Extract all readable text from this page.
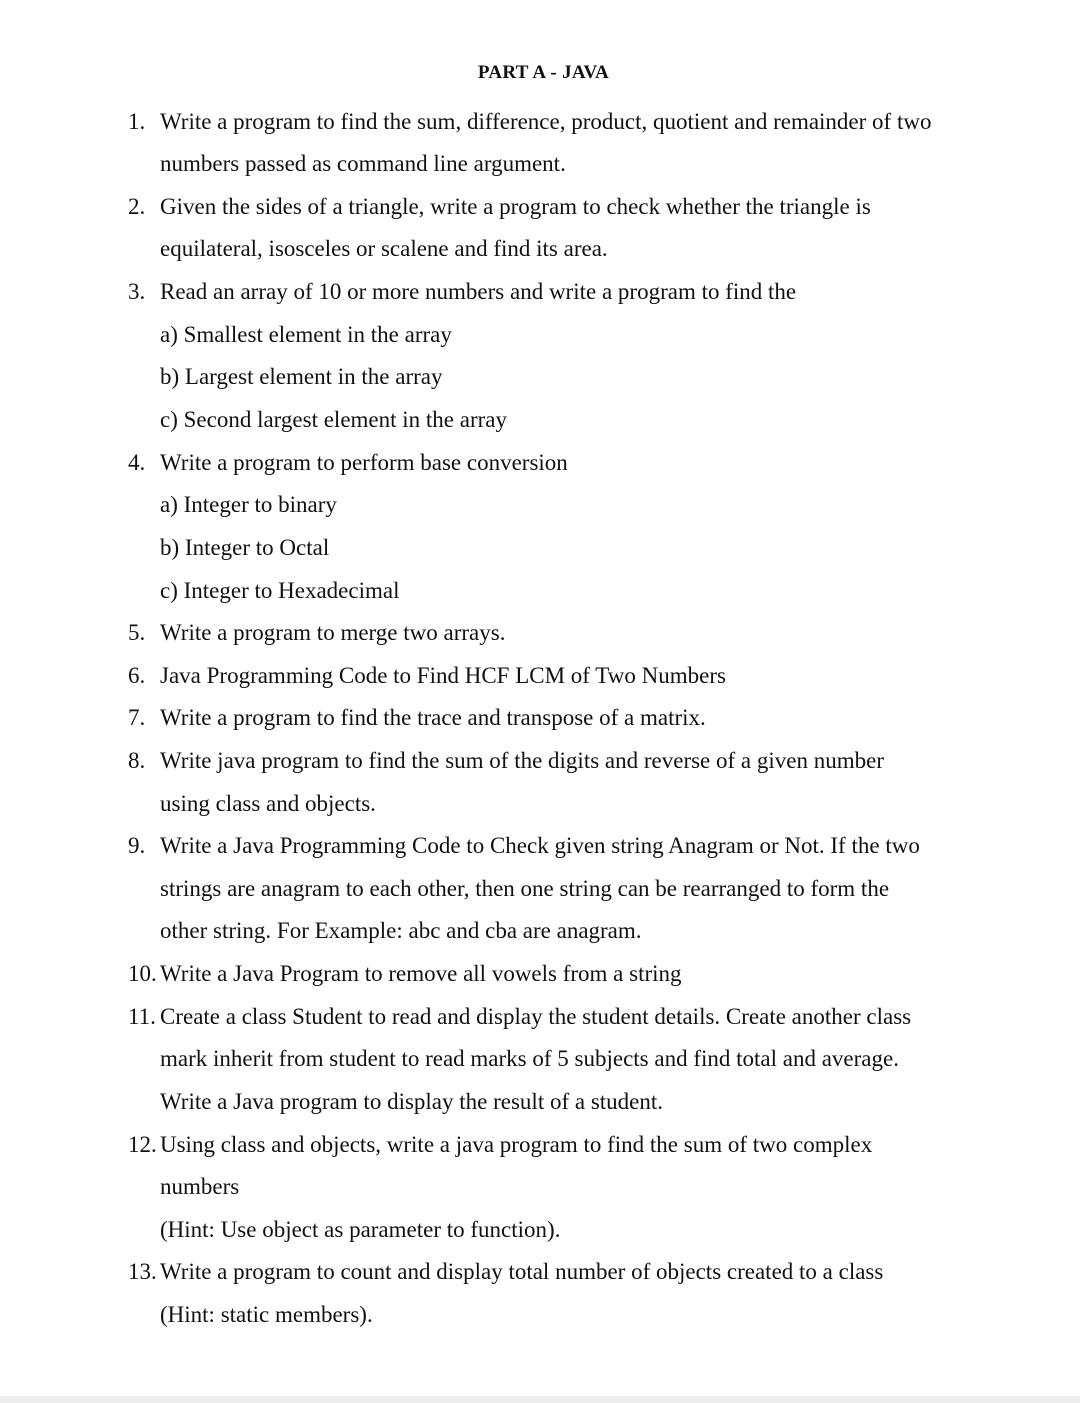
PART A - JAVA
1. Write a program to find the sum, difference, product, quotient and remainder of two
numbers passed as command line argument.
2. Given the sides of a triangle, write a program to check whether the triangle is
equilateral, isosceles or scalene and find its area.
3. Read an array of 10 or more numbers and write a program to find the
a) Smallest element in the array
b) Largest element in the array
c) Second largest element in the array
4. Write a program to perform base conversion
a) Integer to binary
b) Integer to Octal
c) Integer to Hexadecimal
5. Write a program to merge two arrays.
6. Java Programming Code to Find HCF LCM of Two Numbers
7. Write a program to find the trace and transpose of a matrix.
8. Write java program to find the sum of the digits and reverse of a given number
using class and objects.
9. Write a Java Programming Code to Check given string Anagram or Not. If the two
strings are anagram to each other, then one string can be rearranged to form the
other string. For Example: abc and cba are anagram.
10. Write a Java Program to remove all vowels from a string
11. Create a class Student to read and display the student details. Create another class
mark inherit from student to read marks of 5 subjects and find total and average.
Write a Java program to display the result of a student.
12. Using class and objects, write a java program to find the sum of two complex
numbers
(Hint: Use object as parameter to function).
13. Write a program to count and display total number of objects created to a class
(Hint: static members).
